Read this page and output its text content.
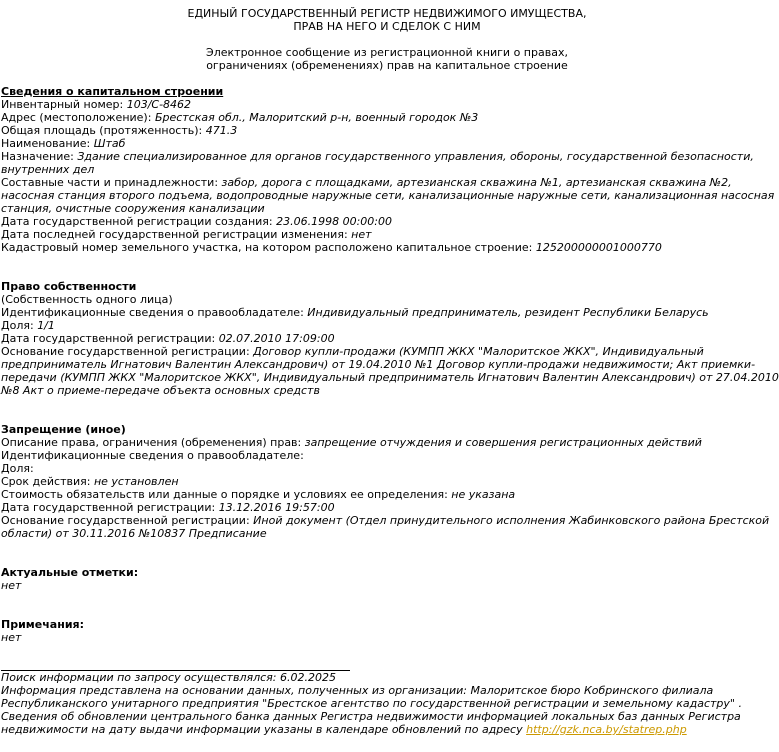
ЕДИНЫЙ ГОСУДАРСТВЕННЫЙ РЕГИСТР НЕДВИЖИМОГО ИМУЩЕСТВА,
ПРАВ НА НЕГО И СДЕЛОК С НИМ
Электронное сообщение из регистрационной книги о правах,
ограничениях (обременениях) прав на капитальное строение
Сведения о капитальном строении
Инвентарный номер: 103/С-8462
Адрес (местоположение): Брестская обл., Малоритский р-н, военный городок №3
Общая площадь (протяженность): 471.3
Наименование: Штаб
Назначение: Здание специализированное для органов государственного управления, обороны, государственной безопасности, внутренних дел
Составные части и принадлежности: забор, дорога с площадками, артезианская скважина №1, артезианская скважина №2, насосная станция второго подъема, водопроводные наружные сети, канализационные наружные сети, канализационная насосная станция, очистные сооружения канализации
Дата государственной регистрации создания: 23.06.1998 00:00:00
Дата последней государственной регистрации изменения: нет
Кадастровый номер земельного участка, на котором расположено капитальное строение: 125200000001000770
Право собственности
(Собственность одного лица)
Идентификационные сведения о правообладателе: Индивидуальный предприниматель, резидент Республики Беларусь
Доля: 1/1
Дата государственной регистрации: 02.07.2010 17:09:00
Основание государственной регистрации: Договор купли-продажи (КУМПП ЖКХ "Малоритское ЖКХ", Индивидуальный предприниматель Игнатович Валентин Александрович) от 19.04.2010 №1 Договор купли-продажи недвижимости; Акт приемки-передачи (КУМПП ЖКХ "Малоритское ЖКХ", Индивидуальный предприниматель Игнатович Валентин Александрович) от 27.04.2010 №8 Акт о приеме-передаче объекта основных средств
Запрещение (иное)
Описание права, ограничения (обременения) прав: запрещение отчуждения и совершения регистрационных действий
Идентификационные сведения о правообладателе:
Доля:
Срок действия: не установлен
Стоимость обязательств или данные о порядке и условиях ее определения: не указана
Дата государственной регистрации: 13.12.2016 19:57:00
Основание государственной регистрации: Иной документ (Отдел принудительного исполнения Жабинковского района Брестской области) от 30.11.2016 №10837 Предписание
Актуальные отметки:
нет
Примечания:
нет
Поиск информации по запросу осуществлялся: 6.02.2025
Информация представлена на основании данных, полученных из организации: Малоритское бюро Кобринского филиала Республиканского унитарного предприятия "Брестское агентство по государственной регистрации и земельному кадастру" .
Сведения об обновлении центрального банка данных Регистра недвижимости информацией локальных баз данных Регистра недвижимости на дату выдачи информации указаны в календаре обновлений по адресу http://gzk.nca.by/statrep.php
